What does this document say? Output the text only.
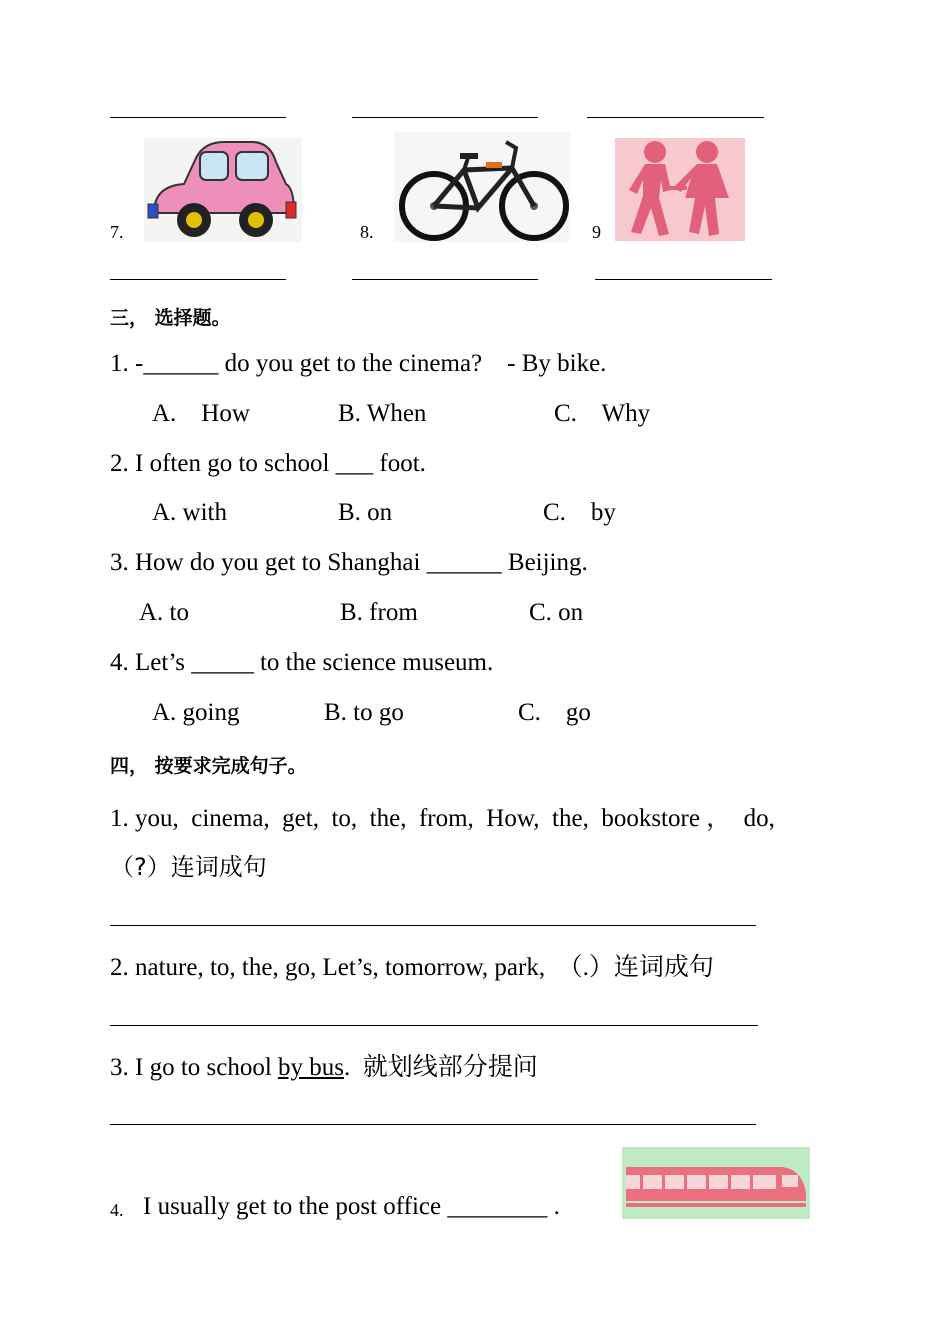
7.	8.	9
三， 选择题。
1. -______ do you get to the cinema?    - By bike.
A.    How	B. When	C.    Why
2. I often go to school ___ foot.
A. with	B. on	C.    by
3. How do you get to Shanghai ______ Beijing.
A. to	B. from	C. on
4. Let’s _____ to the science museum.
A. going	B. to go	C.    go
四， 按要求完成句子。
1. you,  cinema,  get,  to,  the,  from,  How,  the,  bookstore ，  do,
（?）连词成句
2. nature, to, the, go, Let’s, tomorrow, park,  （.）连词成句
3. I go to school by bus.  就划线部分提问
4. I usually get to the post office ________ .
